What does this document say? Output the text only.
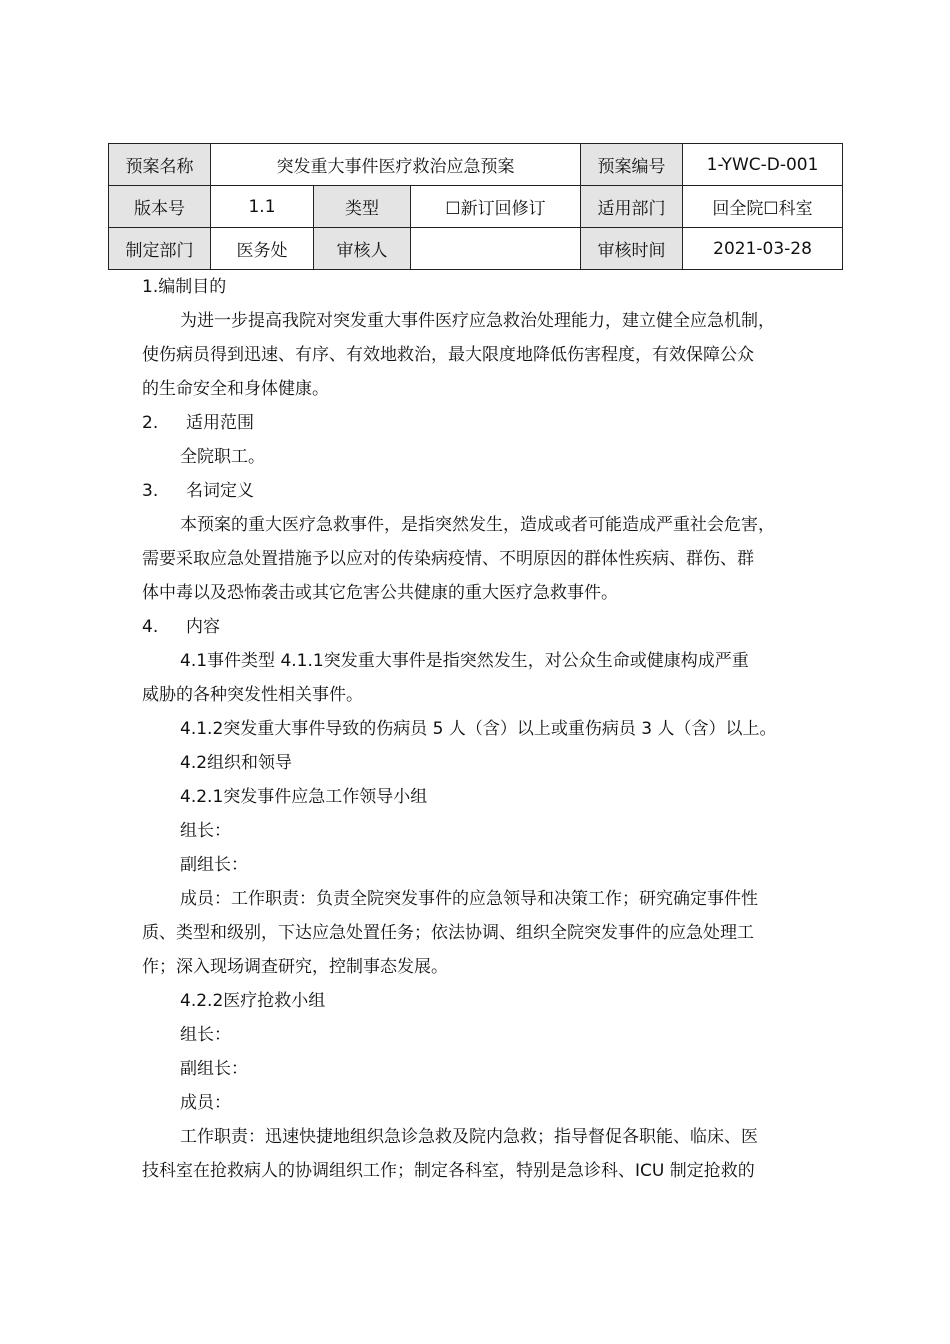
预案名称	突发重大事件医疗救治应急预案			预案编号	1-YWC-D-001
版本号	1.1	类型	☐新订回修订	适用部门	回全院☐科室
制定部门	医务处	审核人		审核时间	2021-03-28

1.编制目的

为进一步提高我院对突发重大事件医疗应急救治处理能力，建立健全应急机制，

使伤病员得到迅速、有序、有效地救治，最大限度地降低伤害程度，有效保障公众

的生命安全和身体健康。

2. 适用范围

全院职工。

3. 名词定义

本预案的重大医疗急救事件，是指突然发生，造成或者可能造成严重社会危害，

需要采取应急处置措施予以应对的传染病疫情、不明原因的群体性疾病、群伤、群

体中毒以及恐怖袭击或其它危害公共健康的重大医疗急救事件。

4. 内容

4.1事件类型 4.1.1突发重大事件是指突然发生，对公众生命或健康构成严重

威胁的各种突发性相关事件。

4.1.2突发重大事件导致的伤病员 5 人（含）以上或重伤病员 3 人（含）以上。

4.2组织和领导

4.2.1突发事件应急工作领导小组

组长：

副组长：

成员：工作职责：负责全院突发事件的应急领导和决策工作；研究确定事件性

质、类型和级别，下达应急处置任务；依法协调、组织全院突发事件的应急处理工

作；深入现场调查研究，控制事态发展。

4.2.2医疗抢救小组

组长：

副组长：

成员：

工作职责：迅速快捷地组织急诊急救及院内急救；指导督促各职能、临床、医

技科室在抢救病人的协调组织工作；制定各科室，特别是急诊科、ICU 制定抢救的
